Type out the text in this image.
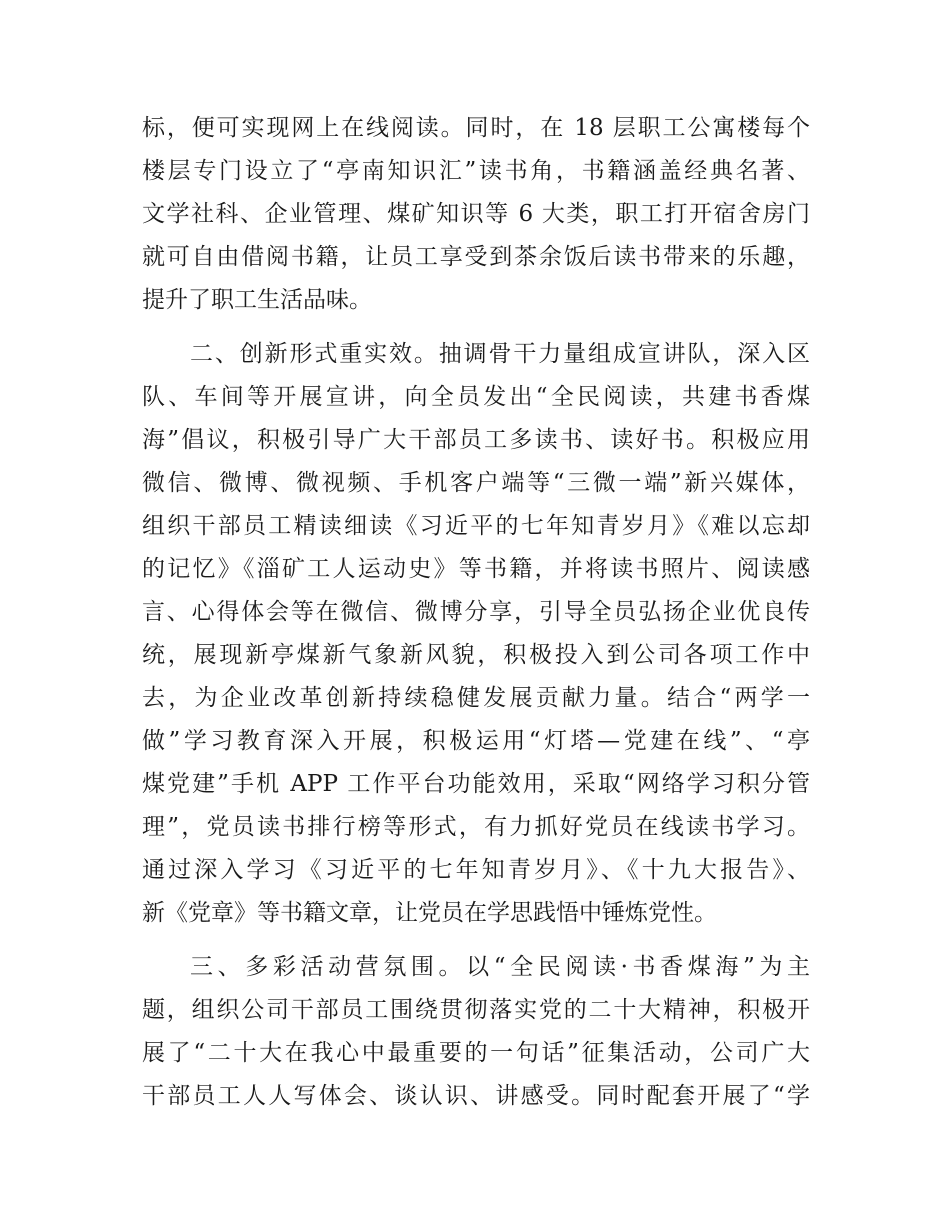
标，便可实现网上在线阅读。同时，在 18 层职工公寓楼每个
楼层专门设立了“亭南知识汇”读书角，书籍涵盖经典名著、
文学社科、企业管理、煤矿知识等 6 大类，职工打开宿舍房门
就可自由借阅书籍，让员工享受到茶余饭后读书带来的乐趣，
提升了职工生活品味。
二、创新形式重实效。抽调骨干力量组成宣讲队，深入区
队、车间等开展宣讲，向全员发出“全民阅读，共建书香煤
海”倡议，积极引导广大干部员工多读书、读好书。积极应用
微信、微博、微视频、手机客户端等“三微一端”新兴媒体，
组织干部员工精读细读《习近平的七年知青岁月》《难以忘却
的记忆》《淄矿工人运动史》等书籍，并将读书照片、阅读感
言、心得体会等在微信、微博分享，引导全员弘扬企业优良传
统，展现新亭煤新气象新风貌，积极投入到公司各项工作中
去，为企业改革创新持续稳健发展贡献力量。结合“两学一
做”学习教育深入开展，积极运用“灯塔—党建在线”、“亭
煤党建”手机 APP 工作平台功能效用，采取“网络学习积分管
理”，党员读书排行榜等形式，有力抓好党员在线读书学习。
通过深入学习《习近平的七年知青岁月》、《十九大报告》、
新《党章》等书籍文章，让党员在学思践悟中锤炼党性。
三、多彩活动营氛围。以“全民阅读·书香煤海”为主
题，组织公司干部员工围绕贯彻落实党的二十大精神，积极开
展了“二十大在我心中最重要的一句话”征集活动，公司广大
干部员工人人写体会、谈认识、讲感受。同时配套开展了“学
